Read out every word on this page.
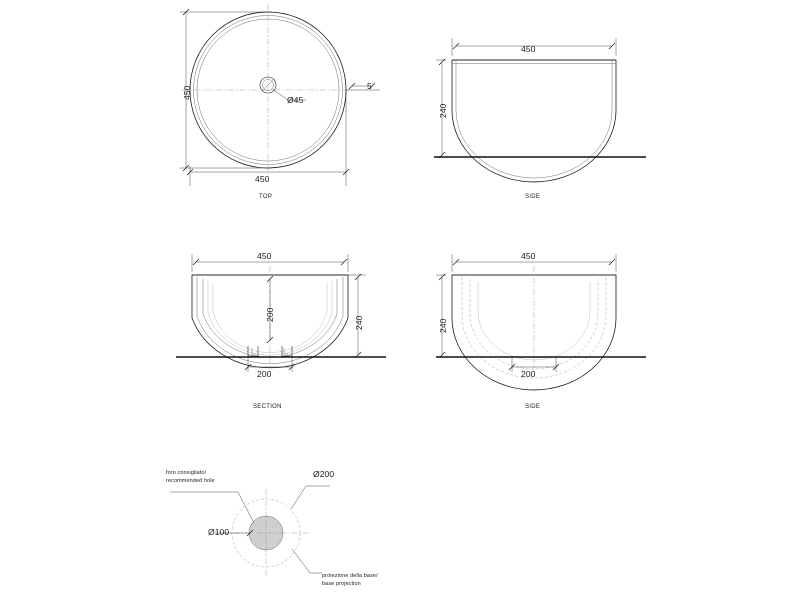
450
450
Ø45
5
TOP
450
240
SIDE
450
200
240
200
SECTION
450
240
200
SIDE
foro consigliato/
recommended hole
Ø200
Ø100
proiezione della base/
base projection
